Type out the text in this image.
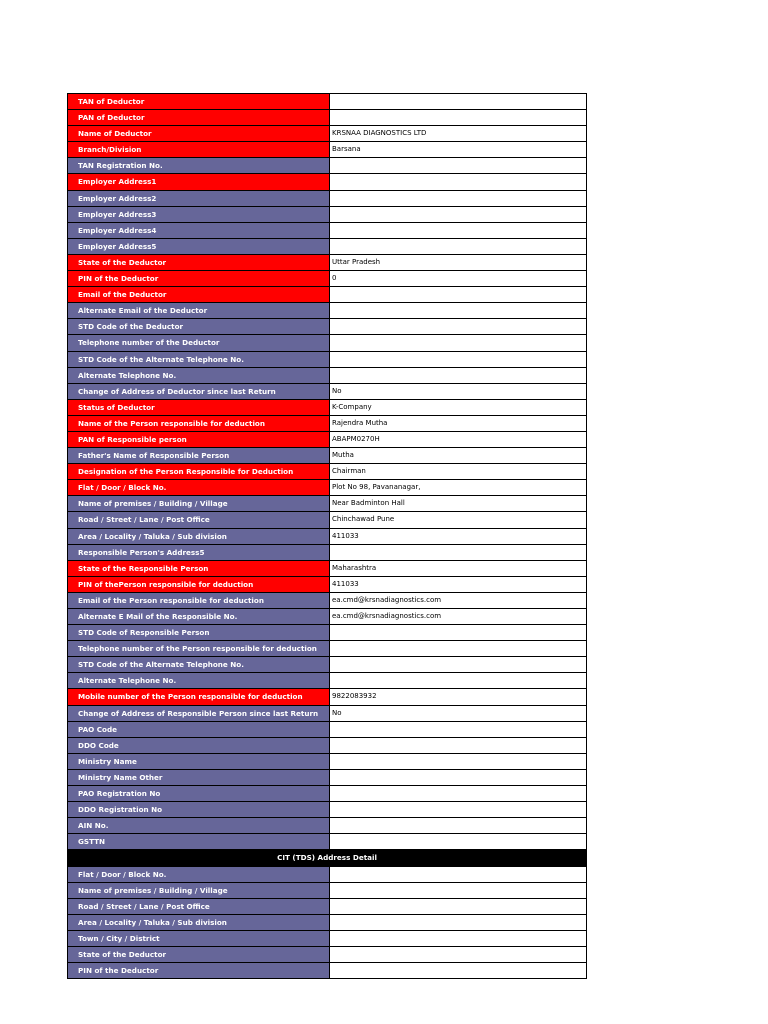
TAN of Deductor	
PAN of Deductor	
Name of Deductor	KRSNAA DIAGNOSTICS LTD
Branch/Division	Barsana
TAN Registration No.	
Employer Address1	
Employer Address2	
Employer Address3	
Employer Address4	
Employer Address5	
State of the Deductor	Uttar Pradesh
PIN of the Deductor	0
Email of the Deductor	
Alternate Email of the Deductor	
STD Code of the Deductor	
Telephone number of the Deductor	
STD Code of the Alternate Telephone No.	
Alternate Telephone No.	
Change of Address of Deductor since last Return	No
Status of Deductor	K-Company
Name of the Person responsible for deduction	Rajendra Mutha
PAN of Responsible person	ABAPM0270H
Father's Name of Responsible Person	Mutha
Designation of the Person Responsible for Deduction	Chairman
Flat / Door / Block No.	Plot No 98, Pavananagar,
Name of premises / Building / Village	Near Badminton Hall
Road / Street / Lane / Post Office	Chinchawad Pune
Area / Locality / Taluka / Sub division	411033
Responsible Person's Address5	
State of the Responsible Person	Maharashtra
PIN of thePerson responsible for deduction	411033
Email of the Person responsible for deduction	ea.cmd@krsnadiagnostics.com
Alternate E Mail of the Responsible No.	ea.cmd@krsnadiagnostics.com
STD Code of Responsible Person	
Telephone number of the Person responsible for deduction	
STD Code of the Alternate Telephone No.	
Alternate Telephone No.	
Mobile number of the Person responsible for deduction	9822083932
Change of Address of Responsible Person since last Return	No
PAO Code	
DDO Code	
Ministry Name	
Ministry Name Other	
PAO Registration No	
DDO Registration No	
AIN No.	
GSTTN	
CIT (TDS) Address Detail	
Flat / Door / Block No.	
Name of premises / Building / Village	
Road / Street / Lane / Post Office	
Area / Locality / Taluka / Sub division	
Town / City / District	
State of the Deductor	
PIN of the Deductor	
